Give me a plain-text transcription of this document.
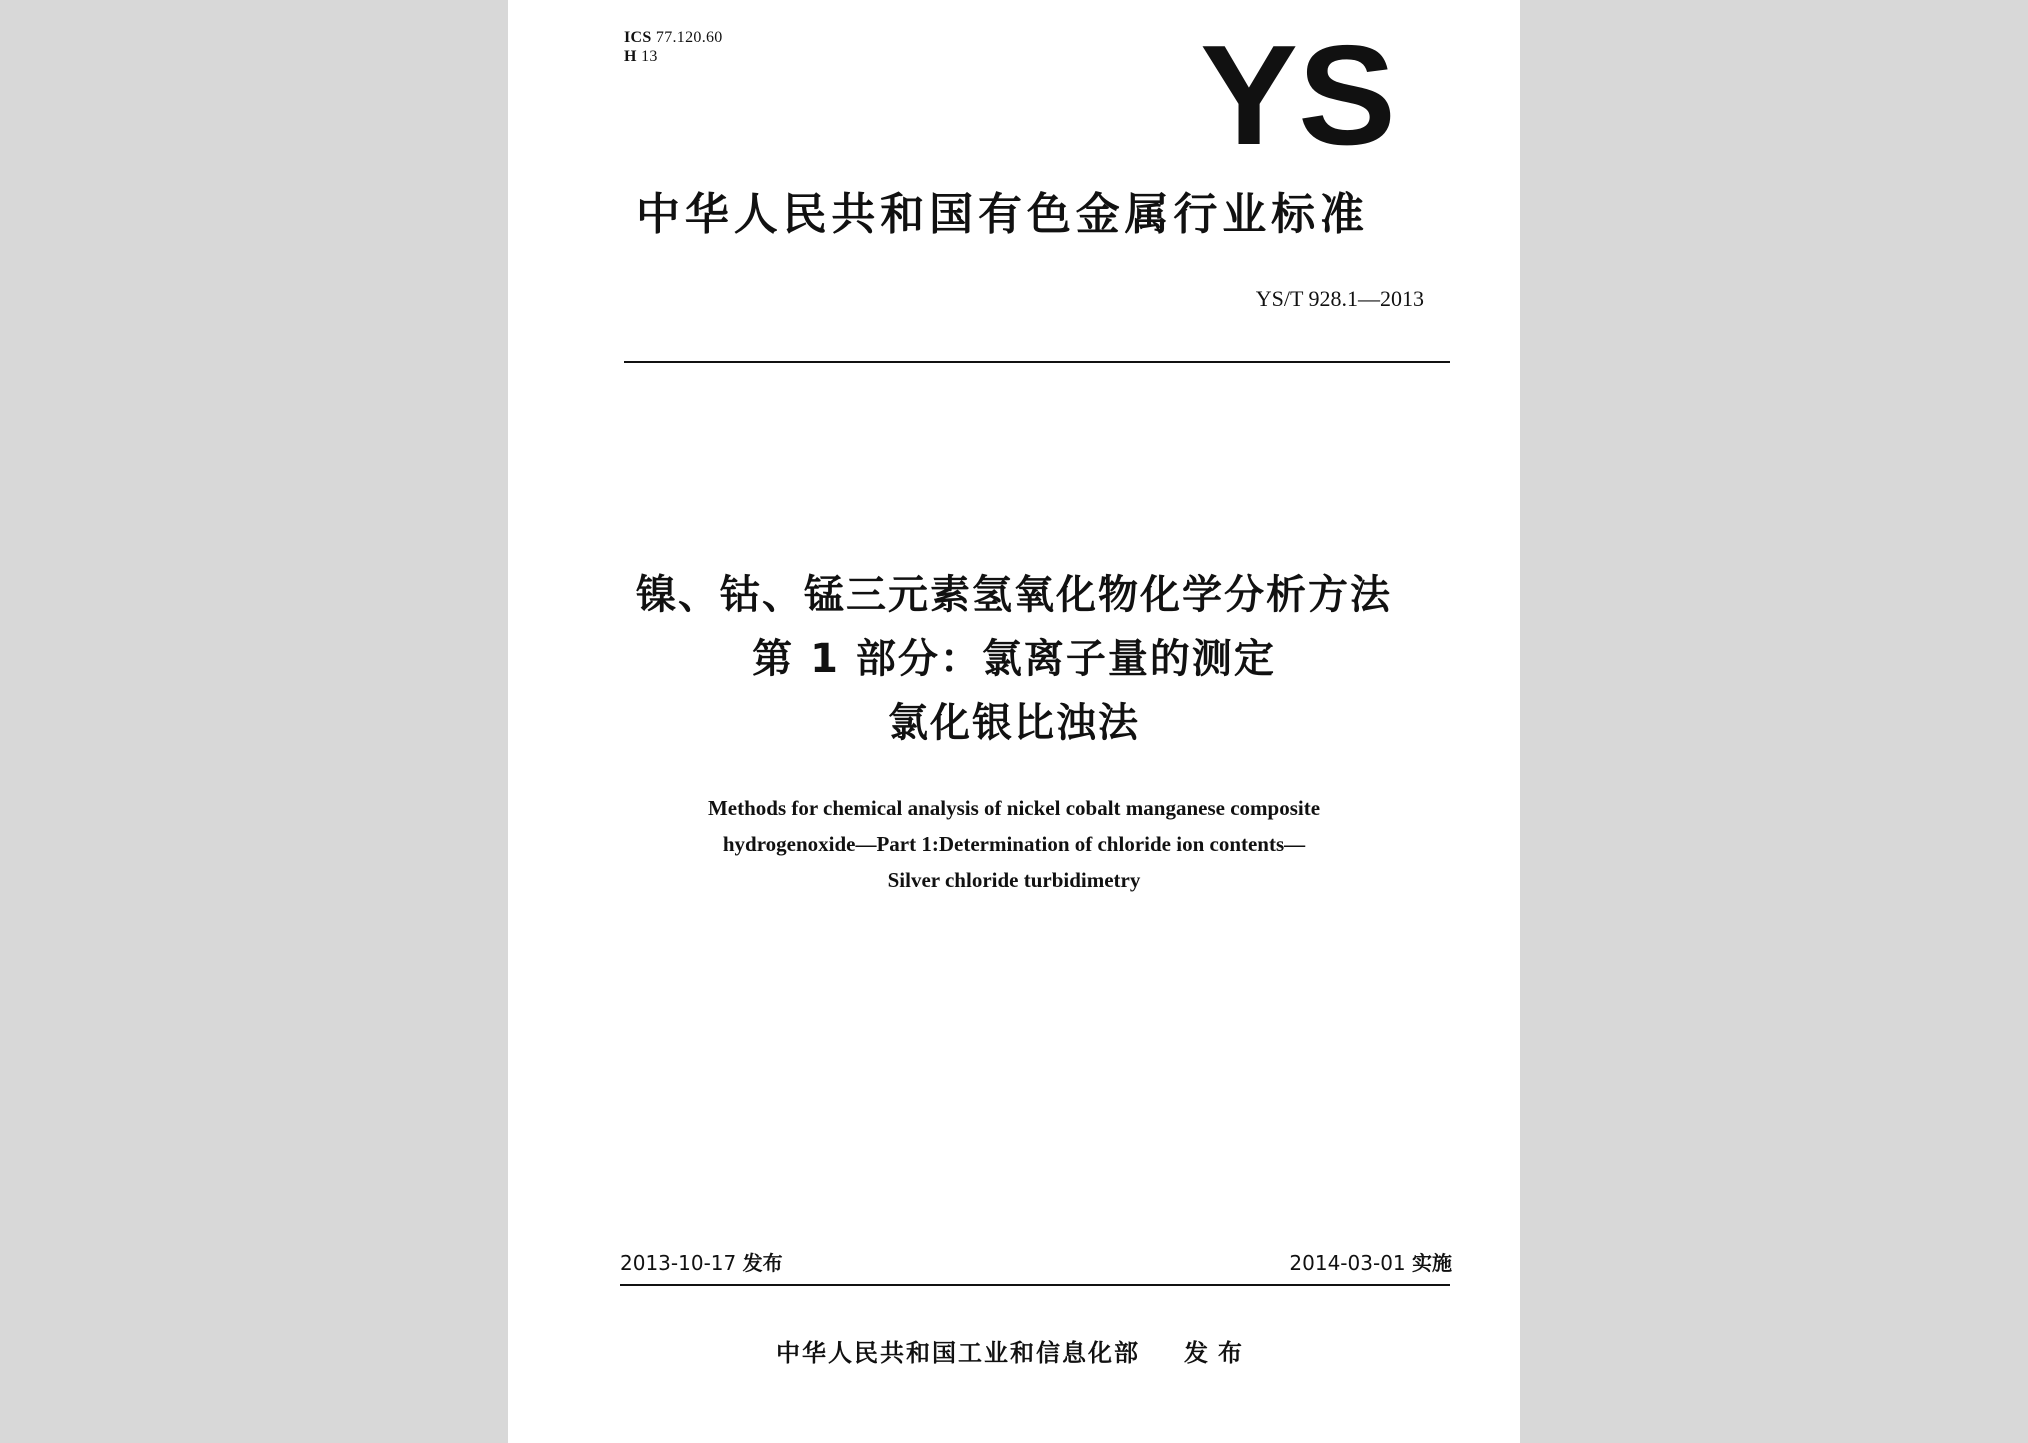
ICS 77.120.60
H 13	YS
中华人民共和国有色金属行业标准
YS/T 928.1—2013
镍、钴、锰三元素氢氧化物化学分析方法
第 1 部分：氯离子量的测定
氯化银比浊法
Methods for chemical analysis of nickel cobalt manganese composite
hydrogenoxide—Part 1:Determination of chloride ion contents—
Silver chloride turbidimetry
2013-10-17 发布	2014-03-01 实施
中华人民共和国工业和信息化部 发布
